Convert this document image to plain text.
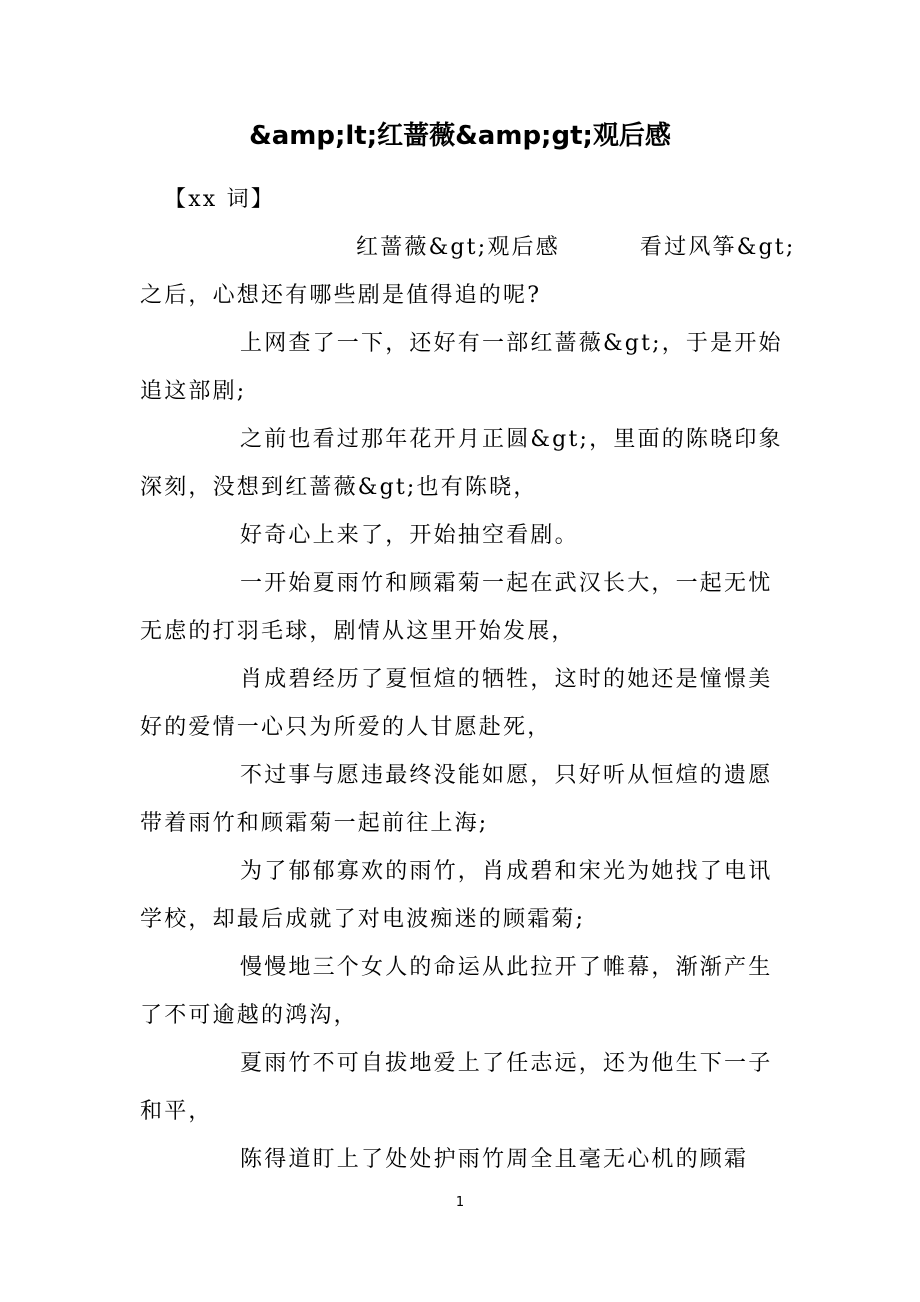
&amp;lt;红蔷薇&amp;gt;观后感
【xx 词】
红蔷薇&gt;观后感	看过风筝&gt;
之后，心想还有哪些剧是值得追的呢?
上网查了一下，还好有一部红蔷薇&gt;，于是开始
追这部剧;
之前也看过那年花开月正圆&gt;，里面的陈晓印象
深刻，没想到红蔷薇&gt;也有陈晓，
好奇心上来了，开始抽空看剧。
一开始夏雨竹和顾霜菊一起在武汉长大，一起无忧
无虑的打羽毛球，剧情从这里开始发展，
肖成碧经历了夏恒煊的牺牲，这时的她还是憧憬美
好的爱情一心只为所爱的人甘愿赴死，
不过事与愿违最终没能如愿，只好听从恒煊的遗愿
带着雨竹和顾霜菊一起前往上海;
为了郁郁寡欢的雨竹，肖成碧和宋光为她找了电讯
学校，却最后成就了对电波痴迷的顾霜菊;
慢慢地三个女人的命运从此拉开了帷幕，渐渐产生
了不可逾越的鸿沟，
夏雨竹不可自拔地爱上了任志远，还为他生下一子
和平，
陈得道盯上了处处护雨竹周全且毫无心机的顾霜
1
